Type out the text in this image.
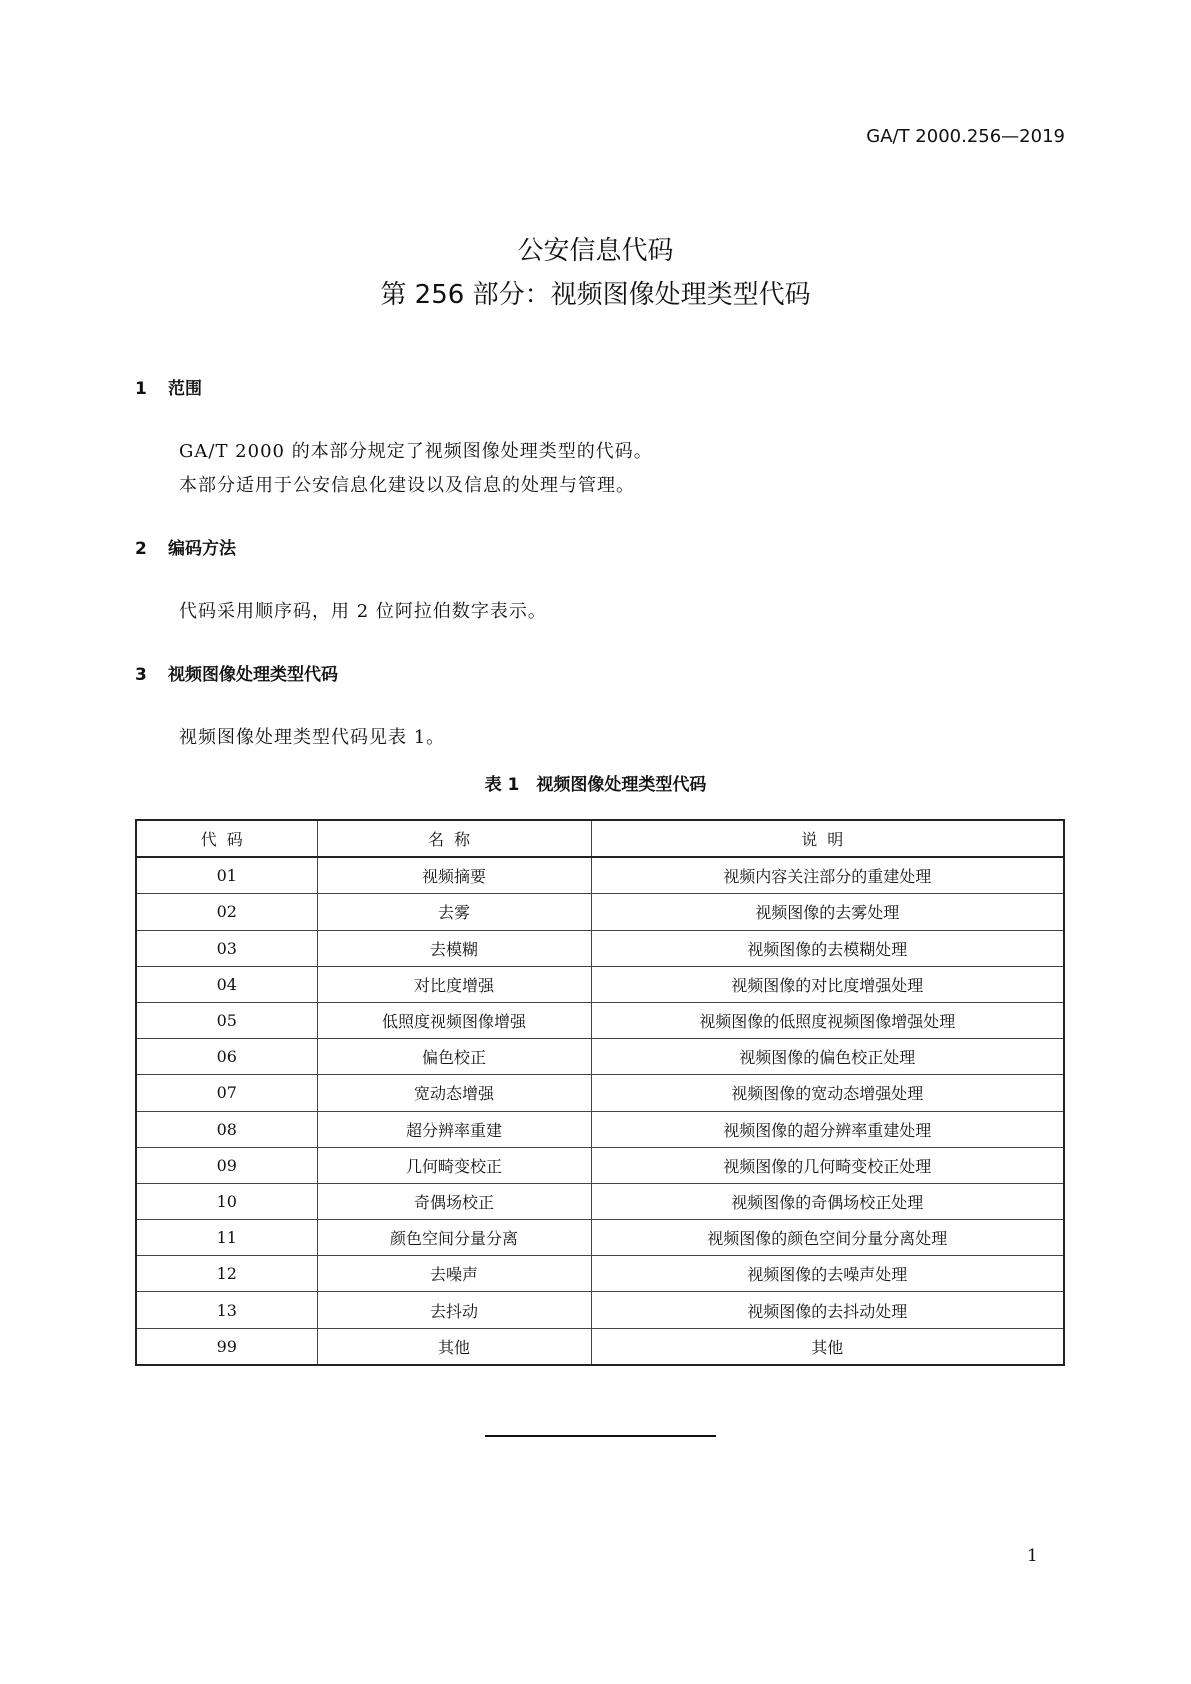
GA/T 2000.256—2019
公安信息代码
第 256 部分：视频图像处理类型代码
1 范围
GA/T 2000 的本部分规定了视频图像处理类型的代码。
本部分适用于公安信息化建设以及信息的处理与管理。
2 编码方法
代码采用顺序码，用 2 位阿拉伯数字表示。
3 视频图像处理类型代码
视频图像处理类型代码见表 1。
表 1　视频图像处理类型代码
代码	名称	说明
01	视频摘要	视频内容关注部分的重建处理
02	去雾	视频图像的去雾处理
03	去模糊	视频图像的去模糊处理
04	对比度增强	视频图像的对比度增强处理
05	低照度视频图像增强	视频图像的低照度视频图像增强处理
06	偏色校正	视频图像的偏色校正处理
07	宽动态增强	视频图像的宽动态增强处理
08	超分辨率重建	视频图像的超分辨率重建处理
09	几何畸变校正	视频图像的几何畸变校正处理
10	奇偶场校正	视频图像的奇偶场校正处理
11	颜色空间分量分离	视频图像的颜色空间分量分离处理
12	去噪声	视频图像的去噪声处理
13	去抖动	视频图像的去抖动处理
99	其他	其他
1
